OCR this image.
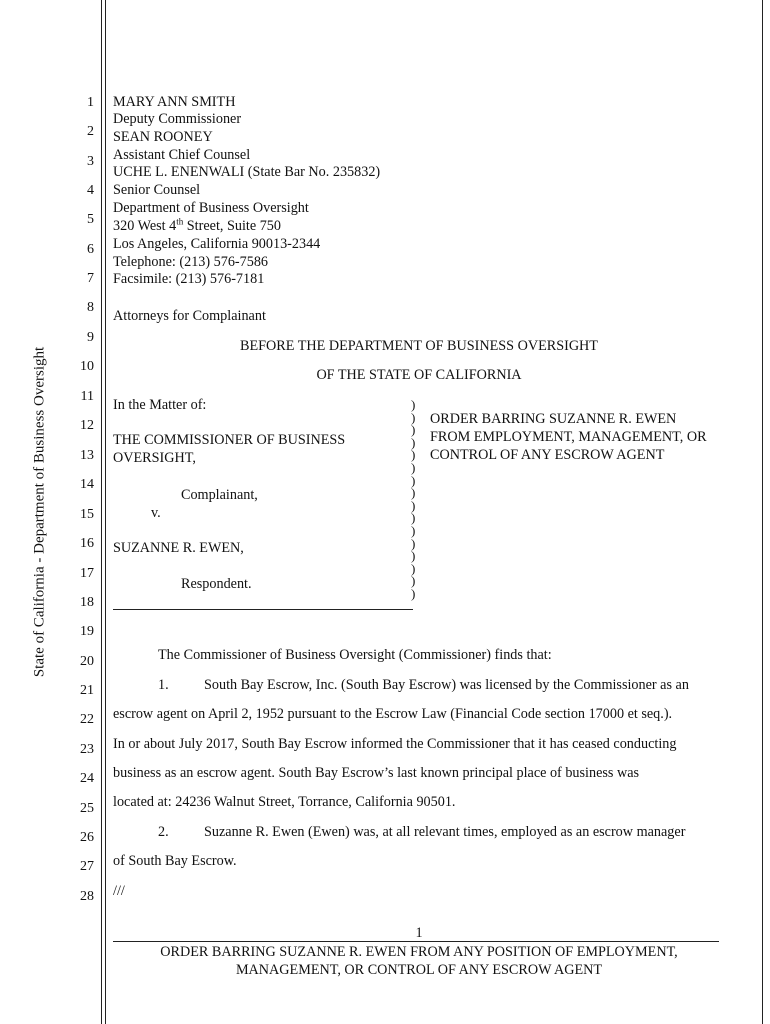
State of California - Department of Business Oversight
1
2
3
4
5
6
7
8
9
10
11
12
13
14
15
16
17
18
19
20
21
22
23
24
25
26
27
28
MARY ANN SMITH
Deputy Commissioner
SEAN ROONEY
Assistant Chief Counsel
UCHE L. ENENWALI (State Bar No. 235832)
Senior Counsel
Department of Business Oversight
320 West 4th Street, Suite 750
Los Angeles, California 90013-2344
Telephone: (213) 576-7586
Facsimile: (213) 576-7181
Attorneys for Complainant
BEFORE THE DEPARTMENT OF BUSINESS OVERSIGHT
OF THE STATE OF CALIFORNIA
In the Matter of:
THE COMMISSIONER OF BUSINESS
OVERSIGHT,
Complainant,
v.
SUZANNE R. EWEN,
Respondent.
)
)
)
)
)
)
)
)
)
)
)
)
)
)
)
)
ORDER BARRING SUZANNE R. EWEN
FROM EMPLOYMENT, MANAGEMENT, OR
CONTROL OF ANY ESCROW AGENT
The Commissioner of Business Oversight (Commissioner) finds that:
1. South Bay Escrow, Inc. (South Bay Escrow) was licensed by the Commissioner as an
escrow agent on April 2, 1952 pursuant to the Escrow Law (Financial Code section 17000 et seq.).
In or about July 2017, South Bay Escrow informed the Commissioner that it has ceased conducting
business as an escrow agent. South Bay Escrow’s last known principal place of business was
located at: 24236 Walnut Street, Torrance, California 90501.
2. Suzanne R. Ewen (Ewen) was, at all relevant times, employed as an escrow manager
of South Bay Escrow.
///
1
ORDER BARRING SUZANNE R. EWEN FROM ANY POSITION OF EMPLOYMENT,
MANAGEMENT, OR CONTROL OF ANY ESCROW AGENT
